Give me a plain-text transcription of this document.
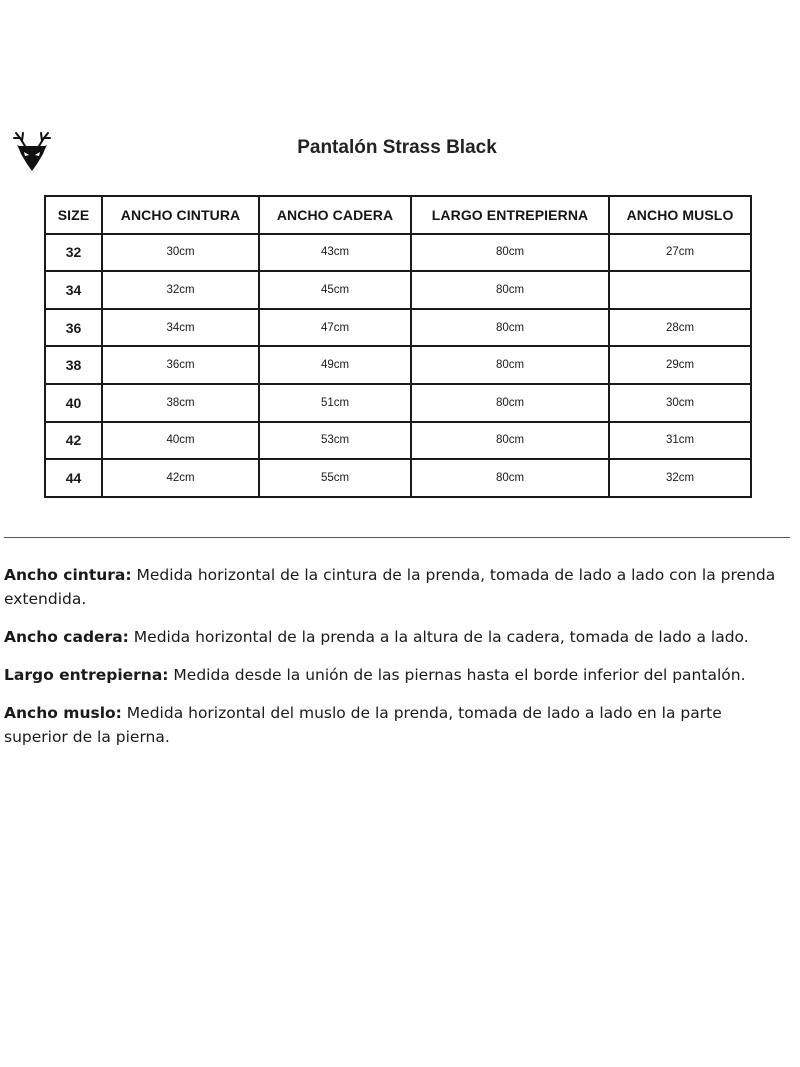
Pantalón Strass Black
SIZE	ANCHO CINTURA	ANCHO CADERA	LARGO ENTREPIERNA	ANCHO MUSLO
32	30cm	43cm	80cm	27cm
34	32cm	45cm	80cm	
36	34cm	47cm	80cm	28cm
38	36cm	49cm	80cm	29cm
40	38cm	51cm	80cm	30cm
42	40cm	53cm	80cm	31cm
44	42cm	55cm	80cm	32cm

Ancho cintura: Medida horizontal de la cintura de la prenda, tomada de lado a lado con la prenda extendida.

Ancho cadera: Medida horizontal de la prenda a la altura de la cadera, tomada de lado a lado.

Largo entrepierna: Medida desde la unión de las piernas hasta el borde inferior del pantalón.

Ancho muslo: Medida horizontal del muslo de la prenda, tomada de lado a lado en la parte superior de la pierna.
